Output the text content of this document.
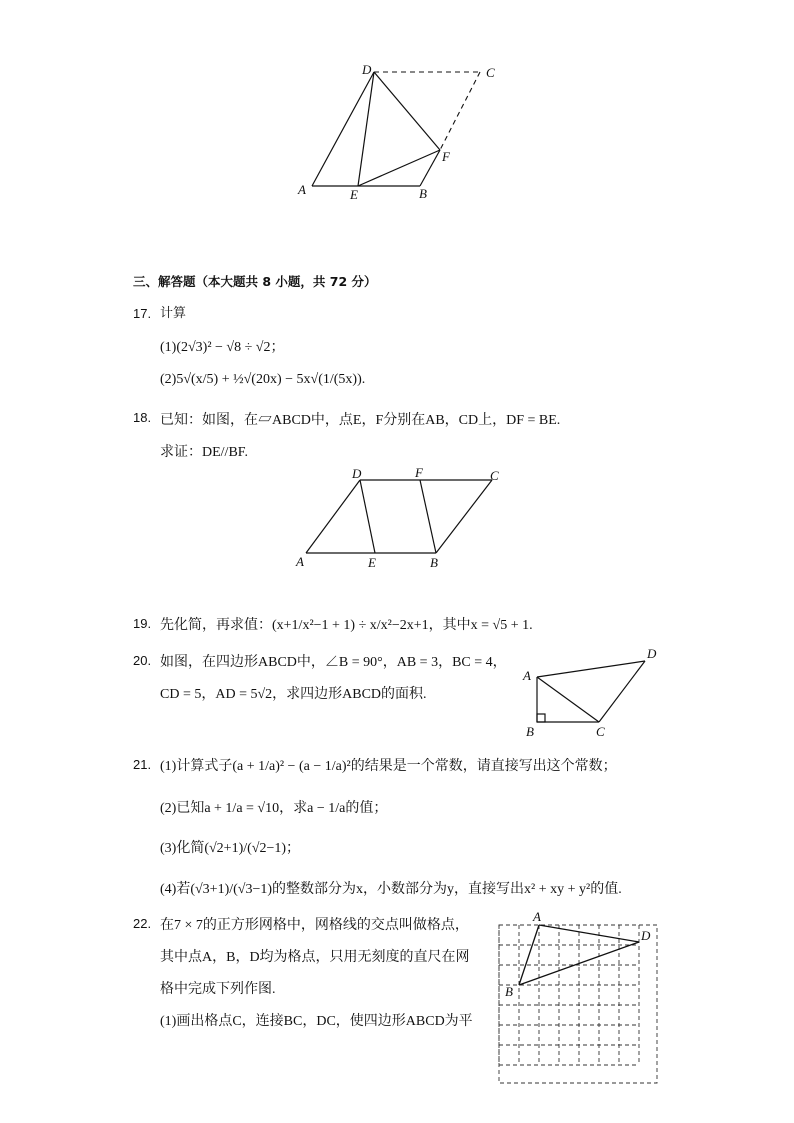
D	C
F
A	E	B
三、解答题（本大题共 8 小题，共 72 分）
17. 计算
(1)(2√3)² − √8 ÷ √2；
(2)5√(x/5) + ½√(20x) − 5x√(1/(5x)).
18. 已知：如图，在▱ABCD中，点E，F分别在AB，CD上，DF = BE.
求证：DE//BF.
D	F	C
A	E	B
19. 先化简，再求值：(x+1/x²−1 + 1) ÷ x/x²−2x+1，其中x = √5 + 1.
20. 如图，在四边形ABCD中，∠B = 90°，AB = 3，BC = 4，
CD = 5，AD = 5√2，求四边形ABCD的面积.
A
D
B	C
21. (1)计算式子(a + 1/a)² − (a − 1/a)²的结果是一个常数，请直接写出这个常数；
(2)已知a + 1/a = √10，求a − 1/a的值；
(3)化简(√2+1)/(√2−1)；
(4)若(√3+1)/(√3−1)的整数部分为x，小数部分为y，直接写出x² + xy + y²的值.
22. 在7 × 7的正方形网格中，网格线的交点叫做格点，
其中点A，B，D均为格点，只用无刻度的直尺在网
格中完成下列作图.
(1)画出格点C，连接BC，DC，使四边形ABCD为平
A
D
B
